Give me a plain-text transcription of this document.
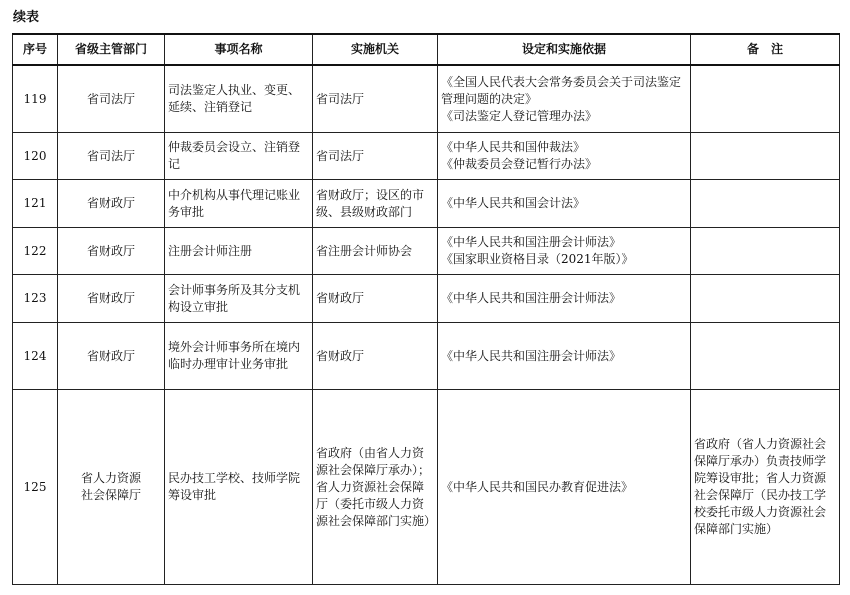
续表
序号	省级主管部门	事项名称	实施机关	设定和实施依据	备　注
119	省司法厅	司法鉴定人执业、变更、延续、注销登记	省司法厅	《全国人民代表大会常务委员会关于司法鉴定管理问题的决定》
《司法鉴定人登记管理办法》	

120	省司法厅	仲裁委员会设立、注销登记	省司法厅	《中华人民共和国仲裁法》
《仲裁委员会登记暂行办法》	

121	省财政厅	中介机构从事代理记账业务审批	省财政厅；设区的市级、县级财政部门	《中华人民共和国会计法》	

122	省财政厅	注册会计师注册	省注册会计师协会	《中华人民共和国注册会计师法》
《国家职业资格目录（2021年版）》	

123	省财政厅	会计师事务所及其分支机构设立审批	省财政厅	《中华人民共和国注册会计师法》	

124	省财政厅	境外会计师事务所在境内临时办理审计业务审批	省财政厅	《中华人民共和国注册会计师法》	

125	省人力资源
社会保障厅	民办技工学校、技师学院筹设审批	省政府（由省人力资源社会保障厅承办）；省人力资源社会保障厅（委托市级人力资源社会保障部门实施）	《中华人民共和国民办教育促进法》	省政府（省人力资源社会保障厅承办）负责技师学院筹设审批；省人力资源社会保障厅（民办技工学校委托市级人力资源社会保障部门实施）
